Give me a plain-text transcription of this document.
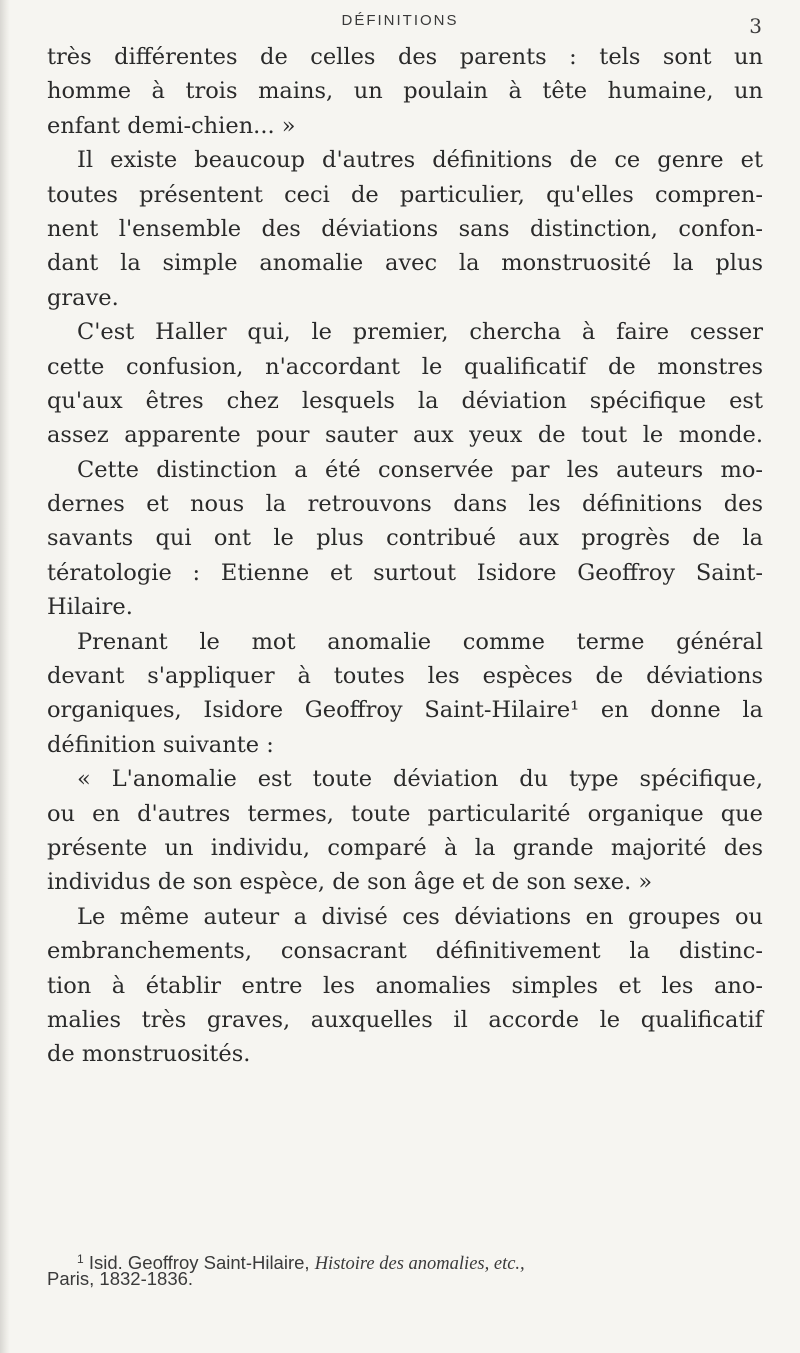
DÉFINITIONS	3
très différentes de celles des parents : tels sont un
homme à trois mains, un poulain à tête humaine, un
enfant demi-chien... »
Il existe beaucoup d'autres définitions de ce genre et
toutes présentent ceci de particulier, qu'elles compren-
nent l'ensemble des déviations sans distinction, confon-
dant la simple anomalie avec la monstruosité la plus
grave.
C'est Haller qui, le premier, chercha à faire cesser
cette confusion, n'accordant le qualificatif de monstres
qu'aux êtres chez lesquels la déviation spécifique est
assez apparente pour sauter aux yeux de tout le monde.
Cette distinction a été conservée par les auteurs mo-
dernes et nous la retrouvons dans les définitions des
savants qui ont le plus contribué aux progrès de la
tératologie : Etienne et surtout Isidore Geoffroy Saint-
Hilaire.
Prenant le mot anomalie comme terme général
devant s'appliquer à toutes les espèces de déviations
organiques, Isidore Geoffroy Saint-Hilaire¹ en donne la
définition suivante :
« L'anomalie est toute déviation du type spécifique,
ou en d'autres termes, toute particularité organique que
présente un individu, comparé à la grande majorité des
individus de son espèce, de son âge et de son sexe. »
Le même auteur a divisé ces déviations en groupes ou
embranchements, consacrant définitivement la distinc-
tion à établir entre les anomalies simples et les ano-
malies très graves, auxquelles il accorde le qualificatif
de monstruosités.
$^1$ Isid. Geoffroy Saint-Hilaire, Histoire des anomalies, etc.,
Paris, 1832-1836.
